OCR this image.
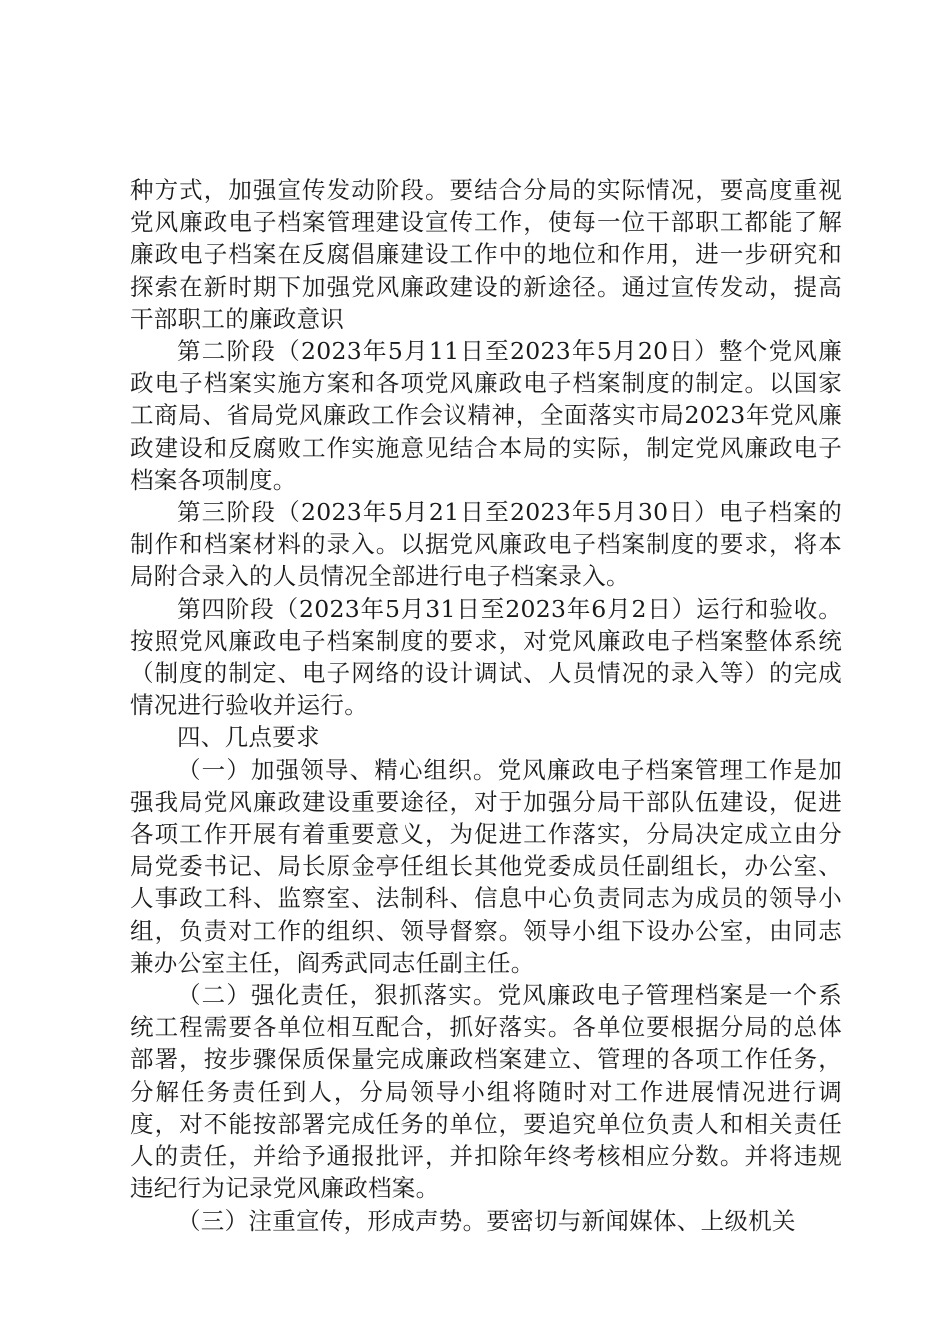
种方式，加强宣传发动阶段。要结合分局的实际情况，要高度重视党风廉政电子档案管理建设宣传工作，使每一位干部职工都能了解廉政电子档案在反腐倡廉建设工作中的地位和作用，进一步研究和探索在新时期下加强党风廉政建设的新途径。通过宣传发动，提高干部职工的廉政意识

第二阶段（2023年5月11日至2023年5月20日）整个党风廉政电子档案实施方案和各项党风廉政电子档案制度的制定。以国家工商局、省局党风廉政工作会议精神，全面落实市局2023年党风廉政建设和反腐败工作实施意见结合本局的实际，制定党风廉政电子档案各项制度。

第三阶段（2023年5月21日至2023年5月30日）电子档案的制作和档案材料的录入。以据党风廉政电子档案制度的要求，将本局附合录入的人员情况全部进行电子档案录入。

第四阶段（2023年5月31日至2023年6月2日）运行和验收。按照党风廉政电子档案制度的要求，对党风廉政电子档案整体系统（制度的制定、电子网络的设计调试、人员情况的录入等）的完成情况进行验收并运行。

四、几点要求

（一）加强领导、精心组织。党风廉政电子档案管理工作是加强我局党风廉政建设重要途径，对于加强分局干部队伍建设，促进各项工作开展有着重要意义，为促进工作落实，分局决定成立由分局党委书记、局长原金亭任组长其他党委成员任副组长，办公室、人事政工科、监察室、法制科、信息中心负责同志为成员的领导小组，负责对工作的组织、领导督察。领导小组下设办公室，由同志兼办公室主任，阎秀武同志任副主任。

（二）强化责任，狠抓落实。党风廉政电子管理档案是一个系统工程需要各单位相互配合，抓好落实。各单位要根据分局的总体部署，按步骤保质保量完成廉政档案建立、管理的各项工作任务，分解任务责任到人，分局领导小组将随时对工作进展情况进行调度，对不能按部署完成任务的单位，要追究单位负责人和相关责任人的责任，并给予通报批评，并扣除年终考核相应分数。并将违规违纪行为记录党风廉政档案。

（三）注重宣传，形成声势。要密切与新闻媒体、上级机关
